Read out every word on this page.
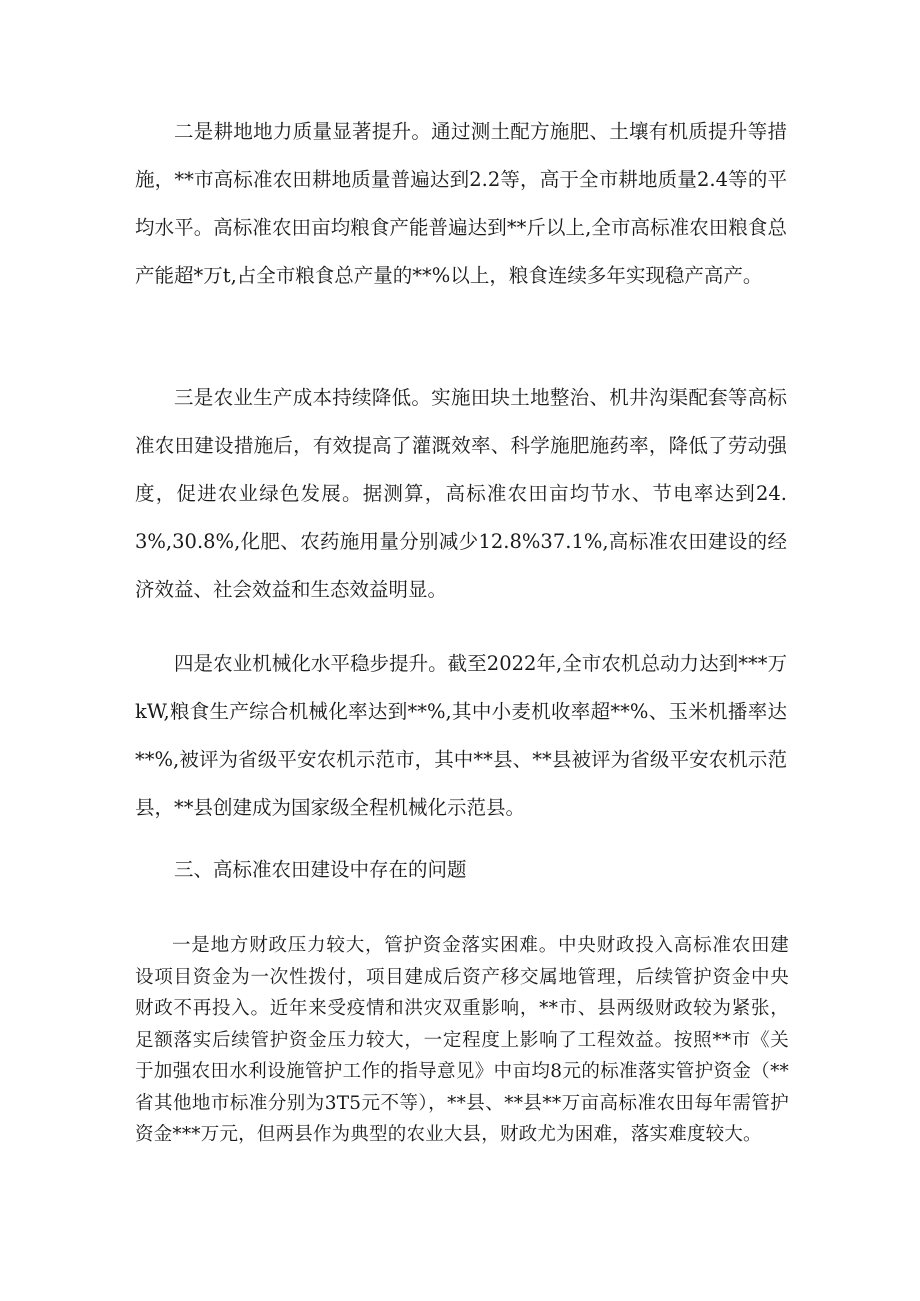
二是耕地地力质量显著提升。通过测土配方施肥、土壤有机质提升等措施，**市高标准农田耕地质量普遍达到2.2等，高于全市耕地质量2.4等的平均水平。高标准农田亩均粮食产能普遍达到**斤以上,全市高标准农田粮食总产能超*万t,占全市粮食总产量的**%以上，粮食连续多年实现稳产高产。

三是农业生产成本持续降低。实施田块土地整治、机井沟渠配套等高标准农田建设措施后，有效提高了灌溉效率、科学施肥施药率，降低了劳动强度，促进农业绿色发展。据测算，高标准农田亩均节水、节电率达到24.3%,30.8%,化肥、农药施用量分别减少12.8%37.1%,高标准农田建设的经济效益、社会效益和生态效益明显。

四是农业机械化水平稳步提升。截至2022年,全市农机总动力达到***万kW,粮食生产综合机械化率达到**%,其中小麦机收率超**%、玉米机播率达**%,被评为省级平安农机示范市，其中**县、**县被评为省级平安农机示范县，**县创建成为国家级全程机械化示范县。

三、高标准农田建设中存在的问题

一是地方财政压力较大，管护资金落实困难。中央财政投入高标准农田建设项目资金为一次性拨付，项目建成后资产移交属地管理，后续管护资金中央财政不再投入。近年来受疫情和洪灾双重影响，**市、县两级财政较为紧张，足额落实后续管护资金压力较大，一定程度上影响了工程效益。按照**市《关于加强农田水利设施管护工作的指导意见》中亩均8元的标准落实管护资金（**省其他地市标准分别为3T5元不等），**县、**县**万亩高标准农田每年需管护资金***万元，但两县作为典型的农业大县，财政尤为困难，落实难度较大。
